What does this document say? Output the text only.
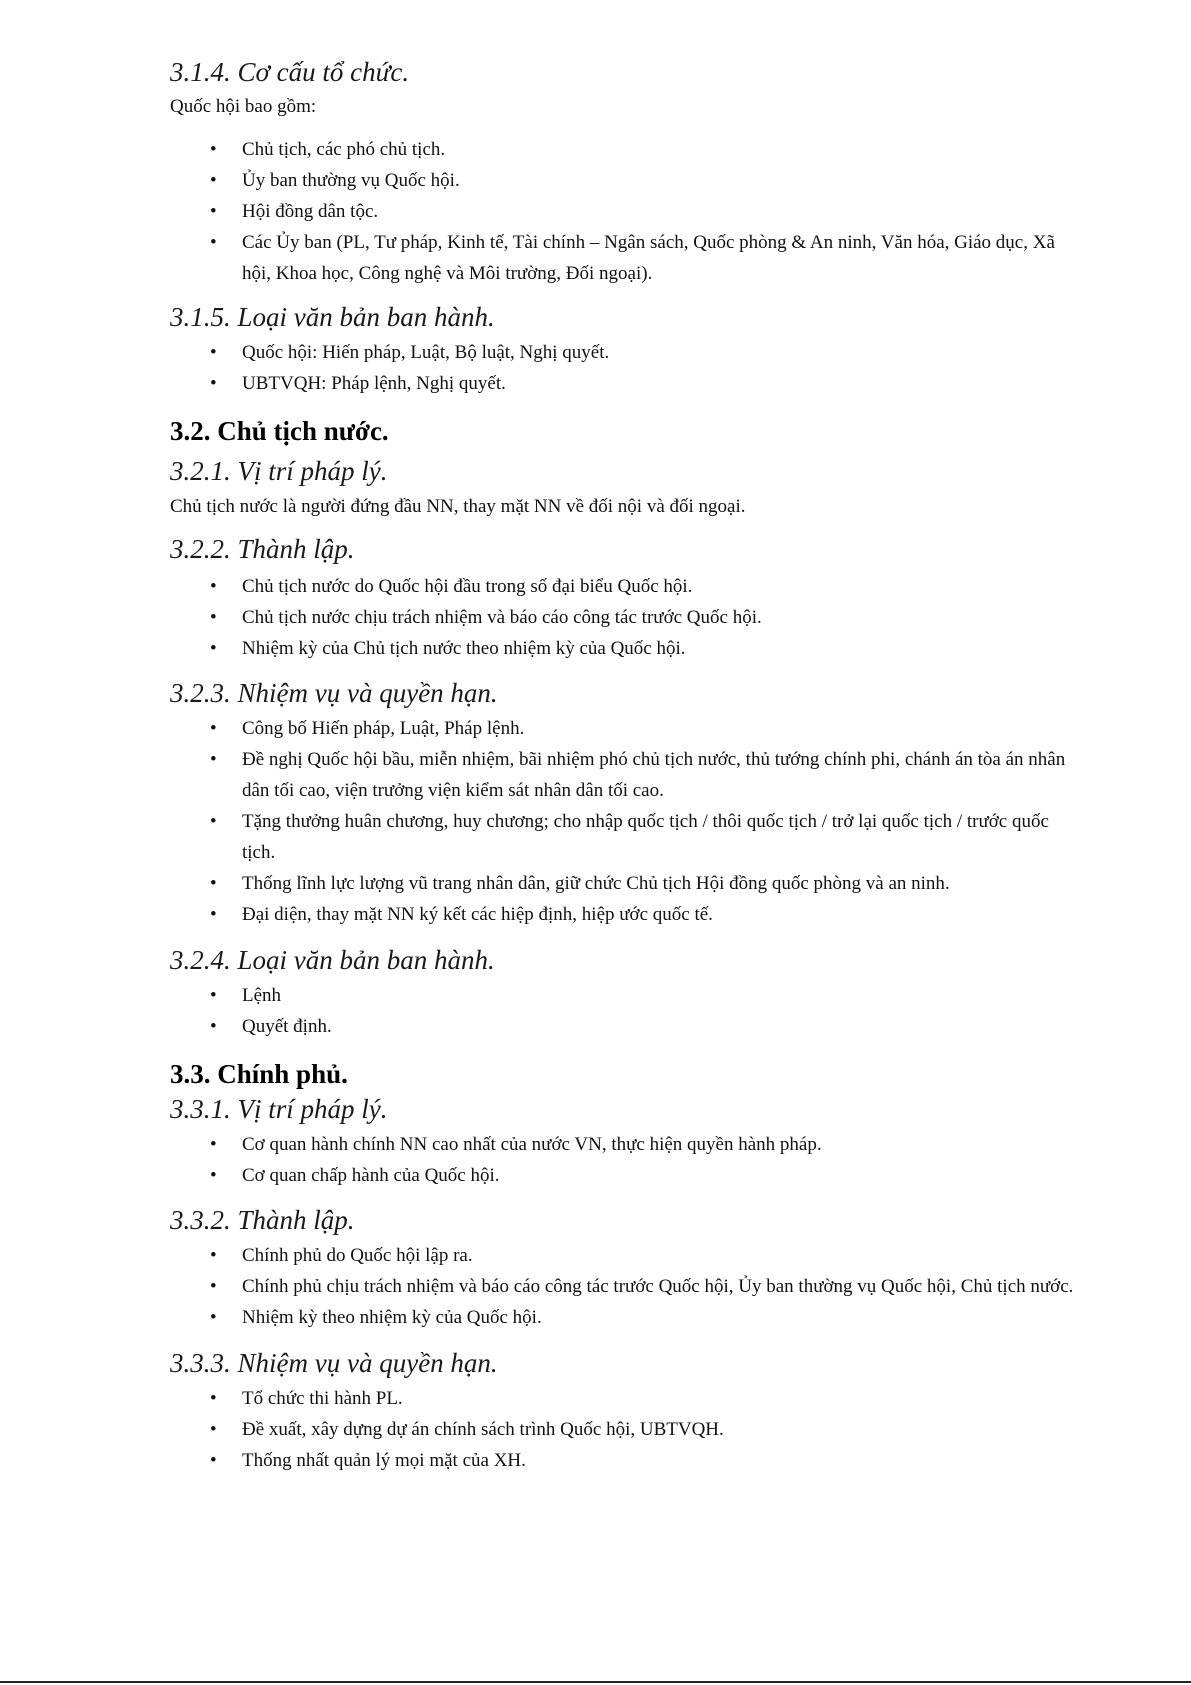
3.1.4. Cơ cấu tổ chức.

Quốc hội bao gồm:

• Chủ tịch, các phó chủ tịch.
• Ủy ban thường vụ Quốc hội.
• Hội đồng dân tộc.
• Các Ủy ban (PL, Tư pháp, Kinh tế, Tài chính – Ngân sách, Quốc phòng & An ninh, Văn hóa, Giáo dục, Xã hội, Khoa học, Công nghệ và Môi trường, Đối ngoại).
3.1.5. Loại văn bản ban hành.
• Quốc hội: Hiến pháp, Luật, Bộ luật, Nghị quyết.
• UBTVQH: Pháp lệnh, Nghị quyết.
3.2. Chủ tịch nước.
3.2.1. Vị trí pháp lý.

Chủ tịch nước là người đứng đầu NN, thay mặt NN về đối nội và đối ngoại.

3.2.2. Thành lập.
• Chủ tịch nước do Quốc hội đầu trong số đại biểu Quốc hội.
• Chủ tịch nước chịu trách nhiệm và báo cáo công tác trước Quốc hội.
• Nhiệm kỳ của Chủ tịch nước theo nhiệm kỳ của Quốc hội.
3.2.3. Nhiệm vụ và quyền hạn.
• Công bố Hiến pháp, Luật, Pháp lệnh.
• Đề nghị Quốc hội bầu, miễn nhiệm, bãi nhiệm phó chủ tịch nước, thủ tướng chính phi, chánh án tòa án nhân dân tối cao, viện trưởng viện kiểm sát nhân dân tối cao.
• Tặng thưởng huân chương, huy chương; cho nhập quốc tịch / thôi quốc tịch / trở lại quốc tịch / trước quốc tịch.
• Thống lĩnh lực lượng vũ trang nhân dân, giữ chức Chủ tịch Hội đồng quốc phòng và an ninh.
• Đại diện, thay mặt NN ký kết các hiệp định, hiệp ước quốc tế.
3.2.4. Loại văn bản ban hành.
• Lệnh
• Quyết định.
3.3. Chính phủ.
3.3.1. Vị trí pháp lý.
• Cơ quan hành chính NN cao nhất của nước VN, thực hiện quyền hành pháp.
• Cơ quan chấp hành của Quốc hội.
3.3.2. Thành lập.
• Chính phủ do Quốc hội lập ra.
• Chính phủ chịu trách nhiệm và báo cáo công tác trước Quốc hội, Ủy ban thường vụ Quốc hội, Chủ tịch nước.
• Nhiệm kỳ theo nhiệm kỳ của Quốc hội.
3.3.3. Nhiệm vụ và quyền hạn.
• Tổ chức thi hành PL.
• Đề xuất, xây dựng dự án chính sách trình Quốc hội, UBTVQH.
• Thống nhất quản lý mọi mặt của XH.
